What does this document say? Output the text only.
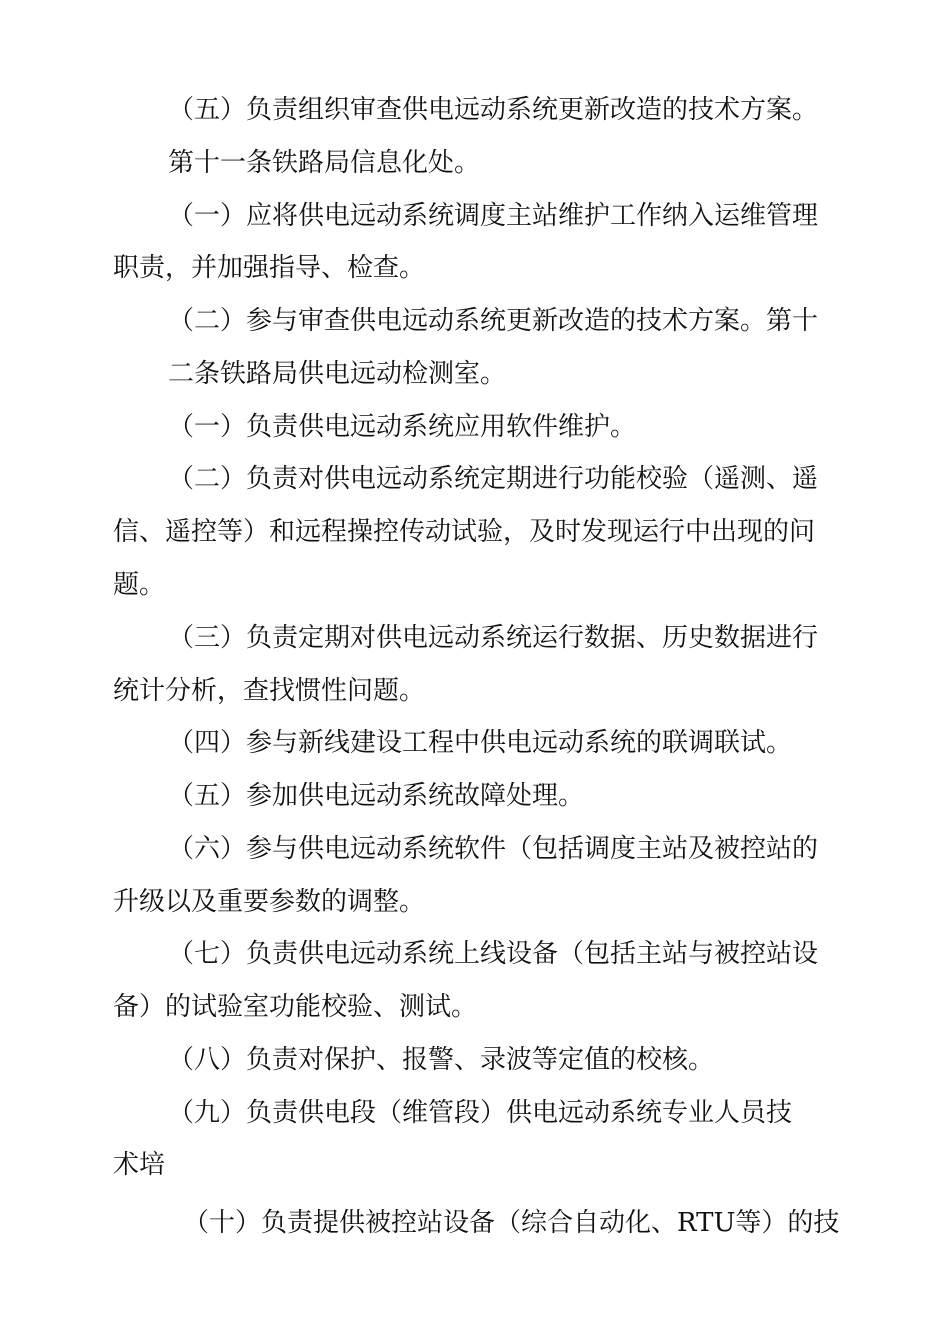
（五）负责组织审查供电远动系统更新改造的技术方案。

第十一条铁路局信息化处。

（一）应将供电远动系统调度主站维护工作纳入运维管理

职责，并加强指导、检查。

（二）参与审查供电远动系统更新改造的技术方案。第十

二条铁路局供电远动检测室。

（一）负责供电远动系统应用软件维护。

（二）负责对供电远动系统定期进行功能校验（遥测、遥

信、遥控等）和远程操控传动试验，及时发现运行中出现的问

题。

（三）负责定期对供电远动系统运行数据、历史数据进行

统计分析，查找惯性问题。

（四）参与新线建设工程中供电远动系统的联调联试。

（五）参加供电远动系统故障处理。

（六）参与供电远动系统软件（包括调度主站及被控站的

升级以及重要参数的调整。

（七）负责供电远动系统上线设备（包括主站与被控站设

备）的试验室功能校验、测试。

（八）负责对保护、报警、录波等定值的校核。

（九）负责供电段（维管段）供电远动系统专业人员技

术培

（十）负责提供被控站设备（综合自动化、RTU等）的技
